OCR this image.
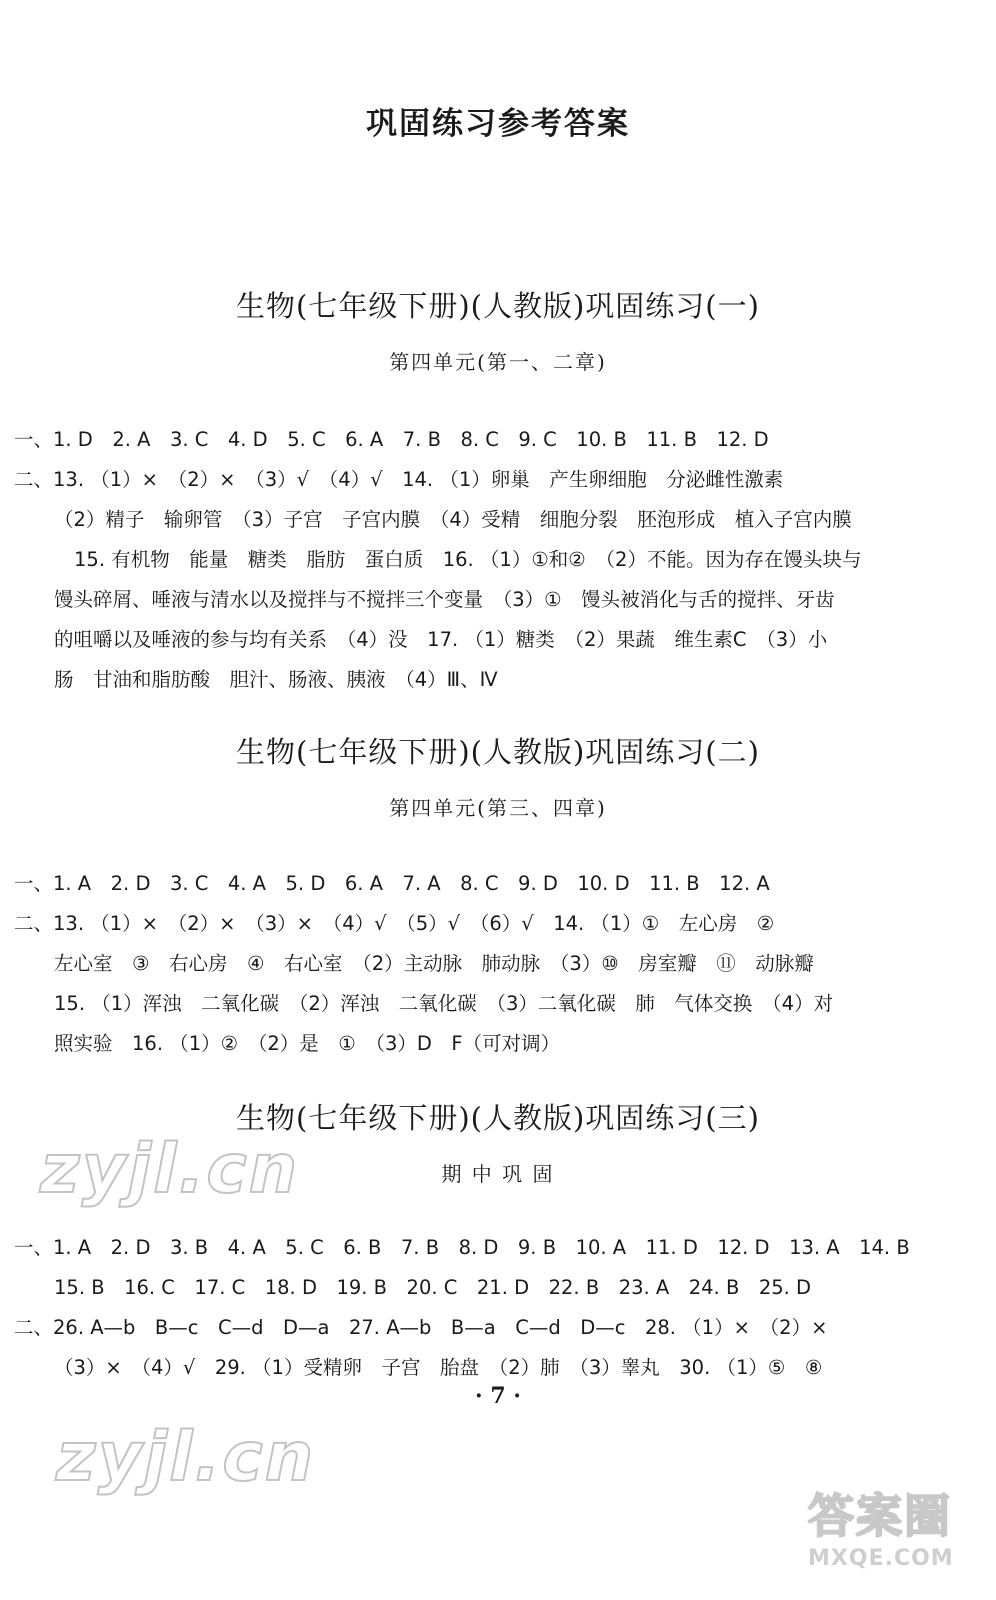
巩固练习参考答案
生物(七年级下册)(人教版)巩固练习(一)
第四单元(第一、二章)
一、1. D　2. A　3. C　4. D　5. C　6. A　7. B　8. C　9. C　10. B　11. B　12. D
二、13. （1）×　（2）×　（3）√　（4）√　14. （1）卵巢　产生卵细胞　分泌雌性激素
（2）精子　输卵管　（3）子宫　子宫内膜　（4）受精　细胞分裂　胚泡形成　植入子宫内膜
15. 有机物　能量　糖类　脂肪　蛋白质　16. （1）①和②　（2）不能。因为存在馒头块与
馒头碎屑、唾液与清水以及搅拌与不搅拌三个变量　（3）①　馒头被消化与舌的搅拌、牙齿
的咀嚼以及唾液的参与均有关系　（4）没　17. （1）糖类　（2）果蔬　维生素C　（3）小
肠　甘油和脂肪酸　胆汁、肠液、胰液　（4）Ⅲ、Ⅳ
生物(七年级下册)(人教版)巩固练习(二)
第四单元(第三、四章)
一、1. A　2. D　3. C　4. A　5. D　6. A　7. A　8. C　9. D　10. D　11. B　12. A
二、13. （1）×　（2）×　（3）×　（4）√　（5）√　（6）√　14. （1）①　左心房　②
左心室　③　右心房　④　右心室　（2）主动脉　肺动脉　（3）⑩　房室瓣　⑪　动脉瓣
15. （1）浑浊　二氧化碳　（2）浑浊　二氧化碳　（3）二氧化碳　肺　气体交换　（4）对
照实验　16. （1）②　（2）是　①　（3）D　F（可对调）
生物(七年级下册)(人教版)巩固练习(三)
期 中 巩 固
一、1. A　2. D　3. B　4. A　5. C　6. B　7. B　8. D　9. B　10. A　11. D　12. D　13. A　14. B
15. B　16. C　17. C　18. D　19. B　20. C　21. D　22. B　23. A　24. B　25. D
二、26. A—b　B—c　C—d　D—a　27. A—b　B—a　C—d　D—c　28. （1）×　（2）×
（3）×　（4）√　29. （1）受精卵　子宫　胎盘　（2）肺　（3）睾丸　30. （1）⑤　⑧
· 7 ·
zyjl.cn
zyjl.cn
答案圈
MXQE.COM
